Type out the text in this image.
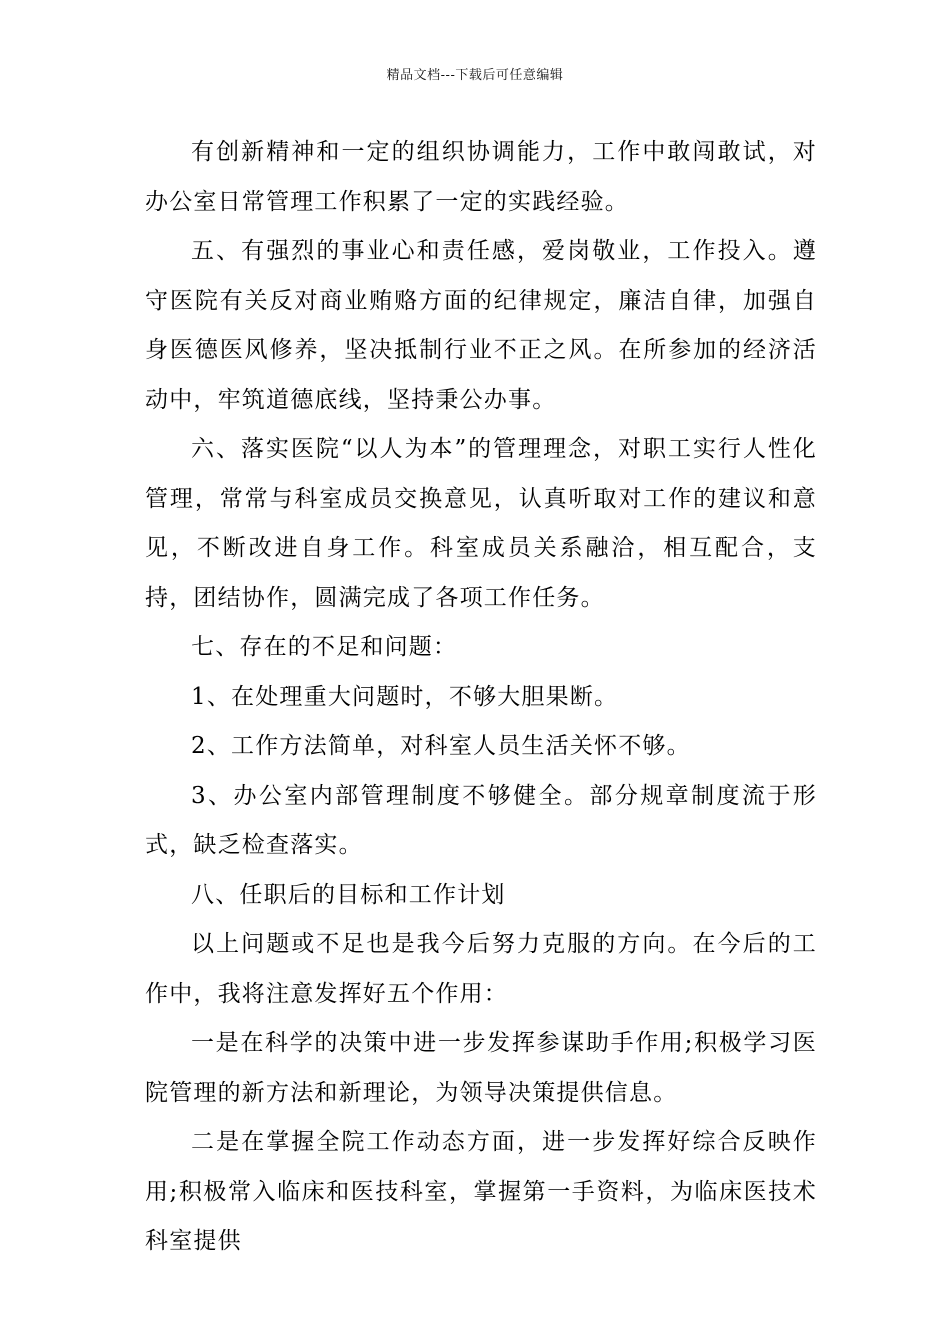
精品文档---下载后可任意编辑

有创新精神和一定的组织协调能力，工作中敢闯敢试，对办公室日常管理工作积累了一定的实践经验。

五、有强烈的事业心和责任感，爱岗敬业，工作投入。遵守医院有关反对商业贿赂方面的纪律规定，廉洁自律，加强自身医德医风修养，坚决抵制行业不正之风。在所参加的经济活动中，牢筑道德底线，坚持秉公办事。

六、落实医院“以人为本”的管理理念，对职工实行人性化管理，常常与科室成员交换意见，认真听取对工作的建议和意见，不断改进自身工作。科室成员关系融洽，相互配合，支持，团结协作，圆满完成了各项工作任务。

七、存在的不足和问题：

1、在处理重大问题时，不够大胆果断。

2、工作方法简单，对科室人员生活关怀不够。

3、办公室内部管理制度不够健全。部分规章制度流于形式，缺乏检查落实。

八、任职后的目标和工作计划

以上问题或不足也是我今后努力克服的方向。在今后的工作中，我将注意发挥好五个作用：

一是在科学的决策中进一步发挥参谋助手作用;积极学习医院管理的新方法和新理论，为领导决策提供信息。

二是在掌握全院工作动态方面，进一步发挥好综合反映作用;积极常入临床和医技科室，掌握第一手资料，为临床医技术科室提供
